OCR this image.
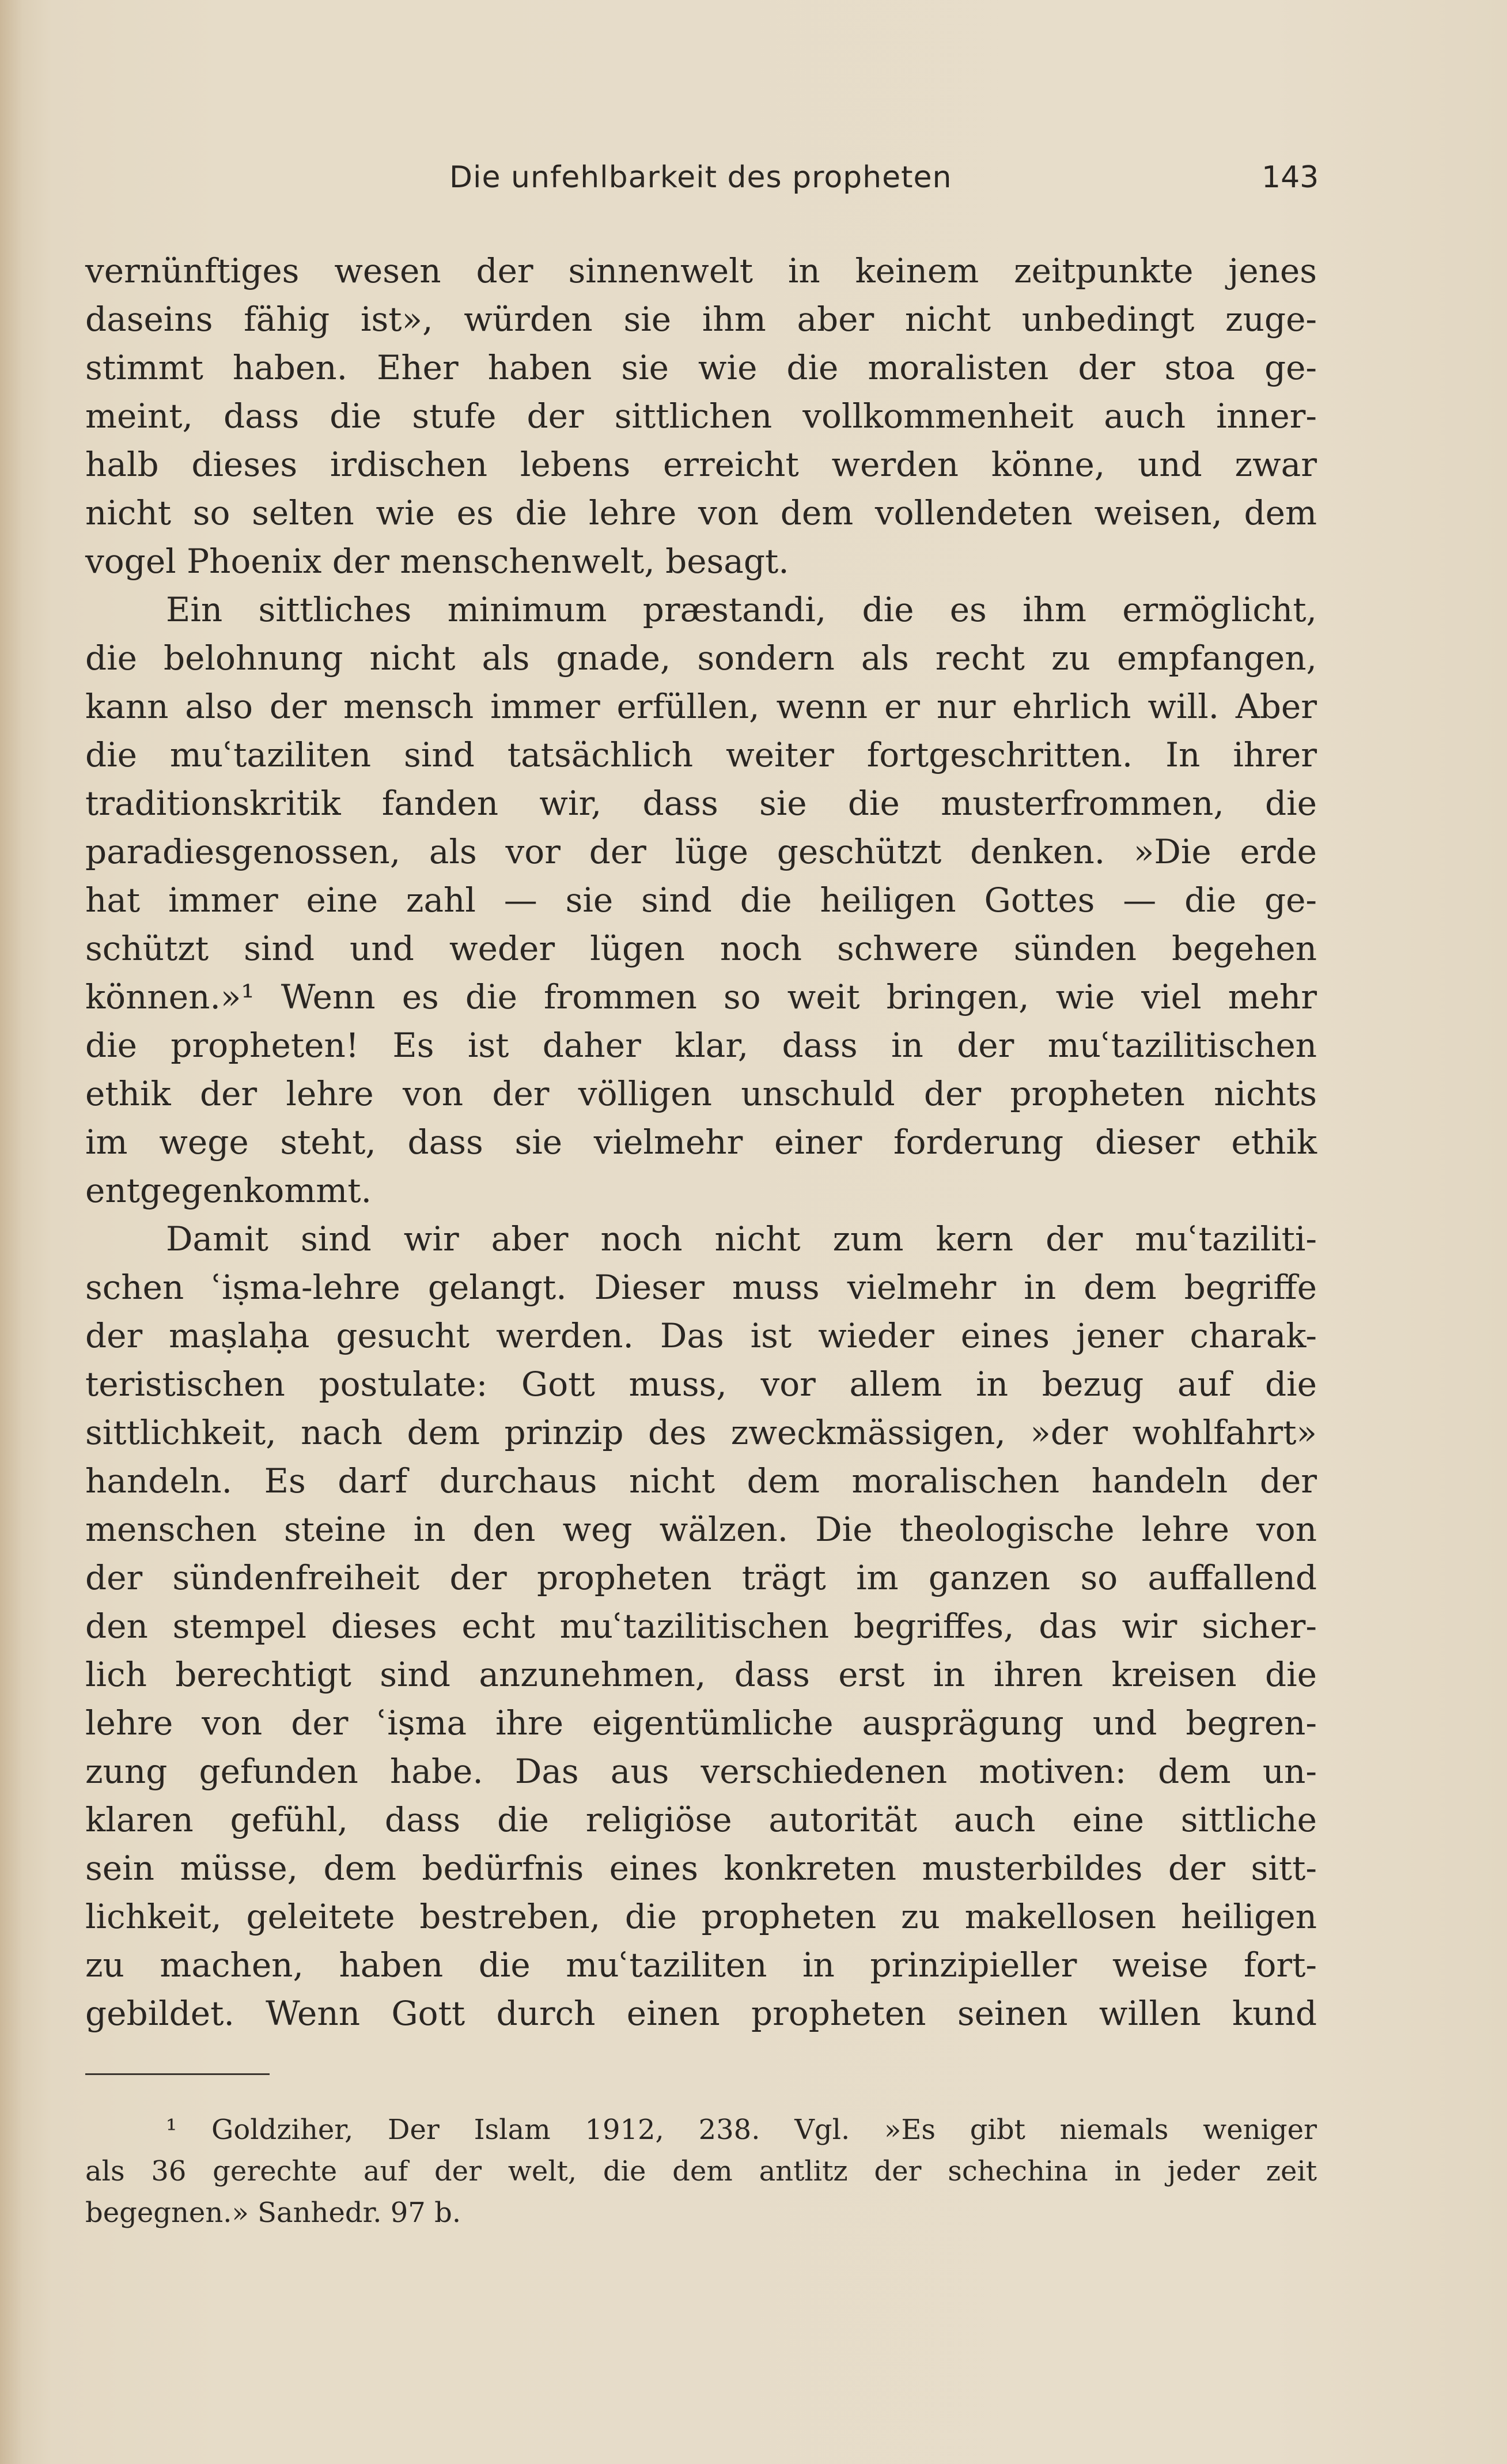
Die unfehlbarkeit des propheten	143
vernünftiges wesen der sinnenwelt in keinem zeitpunkte jenes
daseins fähig ist», würden sie ihm aber nicht unbedingt zuge-
stimmt haben. Eher haben sie wie die moralisten der stoa ge-
meint, dass die stufe der sittlichen vollkommenheit auch inner-
halb dieses irdischen lebens erreicht werden könne, und zwar
nicht so selten wie es die lehre von dem vollendeten weisen, dem
vogel Phoenix der menschenwelt, besagt.
Ein sittliches minimum præstandi, die es ihm ermöglicht,
die belohnung nicht als gnade, sondern als recht zu empfangen,
kann also der mensch immer erfüllen, wenn er nur ehrlich will. Aber
die muʿtaziliten sind tatsächlich weiter fortgeschritten. In ihrer
traditionskritik fanden wir, dass sie die musterfrommen, die
paradiesgenossen, als vor der lüge geschützt denken. »Die erde
hat immer eine zahl — sie sind die heiligen Gottes — die ge-
schützt sind und weder lügen noch schwere sünden begehen
können.»¹ Wenn es die frommen so weit bringen, wie viel mehr
die propheten! Es ist daher klar, dass in der muʿtazilitischen
ethik der lehre von der völligen unschuld der propheten nichts
im wege steht, dass sie vielmehr einer forderung dieser ethik
entgegenkommt.
Damit sind wir aber noch nicht zum kern der muʿtaziliti-
schen ʿiṣma-lehre gelangt. Dieser muss vielmehr in dem begriffe
der maṣlaḥa gesucht werden. Das ist wieder eines jener charak-
teristischen postulate: Gott muss, vor allem in bezug auf die
sittlichkeit, nach dem prinzip des zweckmässigen, »der wohlfahrt»
handeln. Es darf durchaus nicht dem moralischen handeln der
menschen steine in den weg wälzen. Die theologische lehre von
der sündenfreiheit der propheten trägt im ganzen so auffallend
den stempel dieses echt muʿtazilitischen begriffes, das wir sicher-
lich berechtigt sind anzunehmen, dass erst in ihren kreisen die
lehre von der ʿiṣma ihre eigentümliche ausprägung und begren-
zung gefunden habe. Das aus verschiedenen motiven: dem un-
klaren gefühl, dass die religiöse autorität auch eine sittliche
sein müsse, dem bedürfnis eines konkreten musterbildes der sitt-
lichkeit, geleitete bestreben, die propheten zu makellosen heiligen
zu machen, haben die muʿtaziliten in prinzipieller weise fort-
gebildet. Wenn Gott durch einen propheten seinen willen kund
¹ Goldziher, Der Islam 1912, 238. Vgl. »Es gibt niemals weniger
als 36 gerechte auf der welt, die dem antlitz der schechina in jeder zeit
begegnen.» Sanhedr. 97 b.
